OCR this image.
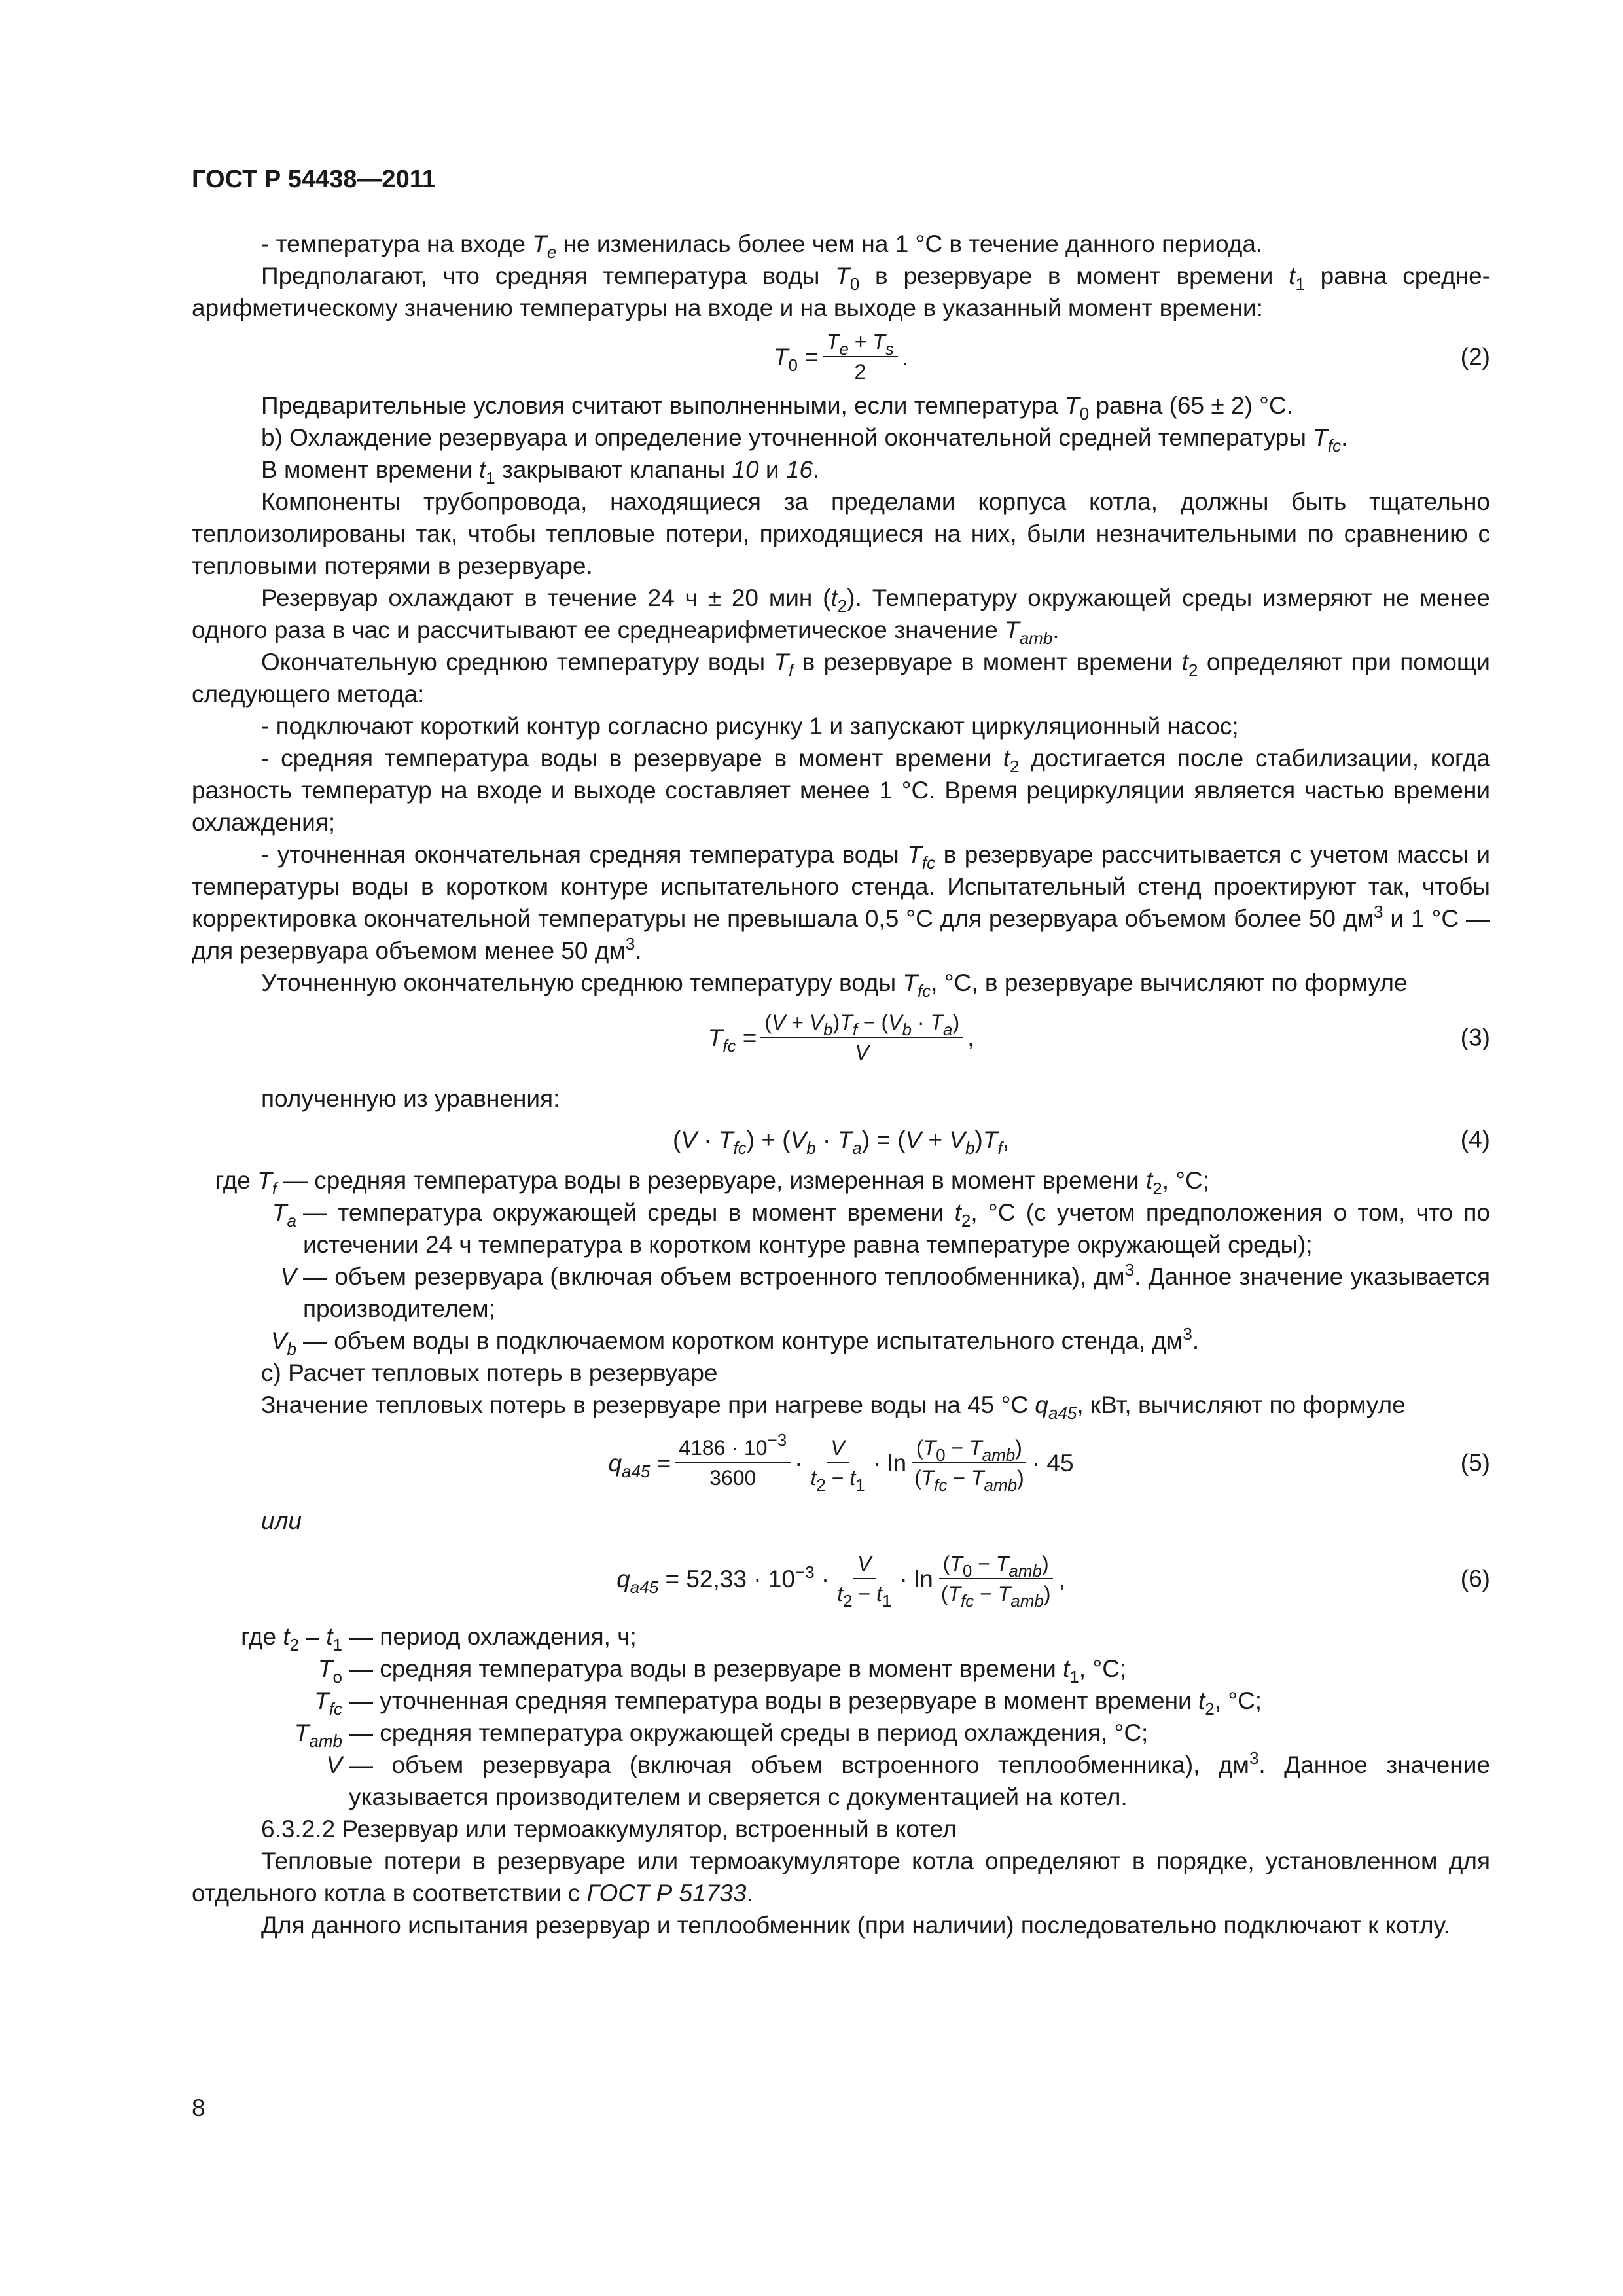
ГОСТ Р 54438—2011

- температура на входе $T_e$ не изменилась более чем на 1 °С в течение данного периода.

Предполагают, что средняя температура воды $T_0$ в резервуаре в момент времени $t_1$ равна средне-арифметическому значению температуры на входе и на выходе в указанный момент времени:

$T_0 = \frac{T_e + T_s}{2}$ .	(2)

Предварительные условия считают выполненными, если температура $T_0$ равна (65 ± 2) °С.

b) Охлаждение резервуара и определение уточненной окончательной средней температуры $T_{fc}$.

В момент времени $t_1$ закрывают клапаны 10 и 16.

Компоненты трубопровода, находящиеся за пределами корпуса котла, должны быть тщательно теплоизолированы так, чтобы тепловые потери, приходящиеся на них, были незначительными по сравнению с тепловыми потерями в резервуаре.

Резервуар охлаждают в течение 24 ч ± 20 мин $(t_2)$. Температуру окружающей среды измеряют не менее одного раза в час и рассчитывают ее среднеарифметическое значение $T_{amb}$.

Окончательную среднюю температуру воды $T_f$ в резервуаре в момент времени $t_2$ определяют при помощи следующего метода:

- подключают короткий контур согласно рисунку 1 и запускают циркуляционный насос;

- средняя температура воды в резервуаре в момент времени $t_2$ достигается после стабилизации, когда разность температур на входе и выходе составляет менее 1 °С. Время рециркуляции является частью времени охлаждения;

- уточненная окончательная средняя температура воды $T_{fc}$ в резервуаре рассчитывается с учетом массы и температуры воды в коротком контуре испытательного стенда. Испытательный стенд проектируют так, чтобы корректировка окончательной температуры не превышала 0,5 °С для резервуара объемом более 50 $дм^3$ и 1 °С — для резервуара объемом менее 50 $дм^3$.

Уточненную окончательную среднюю температуру воды $T_{fc}$, °С, в резервуаре вычисляют по формуле

$T_{fc} = \frac{(V + V_b)T_f - (V_b \cdot T_a)}{V}$ ,	(3)

полученную из уравнения:

$(V \cdot T_{fc}) + (V_b \cdot T_a) = (V + V_b)T_f$,	(4)
где $T_f$ — средняя температура воды в резервуаре, измеренная в момент времени $t_2$, °С;
$T_a$ — температура окружающей среды в момент времени $t_2$, °С (с учетом предположения о том, что по истечении 24 ч температура в коротком контуре равна температуре окружающей среды);
V — объем резервуара (включая объем встроенного теплообменника), $дм^3$. Данное значение указывается производителем;
$V_b$ — объем воды в подключаемом коротком контуре испытательного стенда, $дм^3$.

c) Расчет тепловых потерь в резервуаре

Значение тепловых потерь в резервуаре при нагреве воды на 45 °С $q_{a45}$, кВт, вычисляют по формуле

$q_{a45} = \frac{4186 \cdot 10^{-3}}{3600}$ ·
V
$t_2 - t_1$
· ln
$(T_0 - T_{amb})$
$(T_{fc} - T_{amb})$
· 45	(5)

или

$q_{a45} = 52,33 \cdot 10^{-3}$ ·
V
$t_2 - t_1$
· ln
$(T_0 - T_{amb})$
$(T_{fc} - T_{amb})$
,	(6)
где $t_2 - t_1$ — период охлаждения, ч;
$T_o$ — средняя температура воды в резервуаре в момент времени $t_1$, °С;
$T_{fc}$ — уточненная средняя температура воды в резервуаре в момент времени $t_2$, °С;
$T_{amb}$ — средняя температура окружающей среды в период охлаждения, °С;
V — объем резервуара (включая объем встроенного теплообменника), $дм^3$. Данное значение указывается производителем и сверяется с документацией на котел.

6.3.2.2 Резервуар или термоаккумулятор, встроенный в котел

Тепловые потери в резервуаре или термоакумуляторе котла определяют в порядке, установленном для отдельного котла в соответствии с ГОСТ Р 51733.

Для данного испытания резервуар и теплообменник (при наличии) последовательно подключают к котлу.

8
